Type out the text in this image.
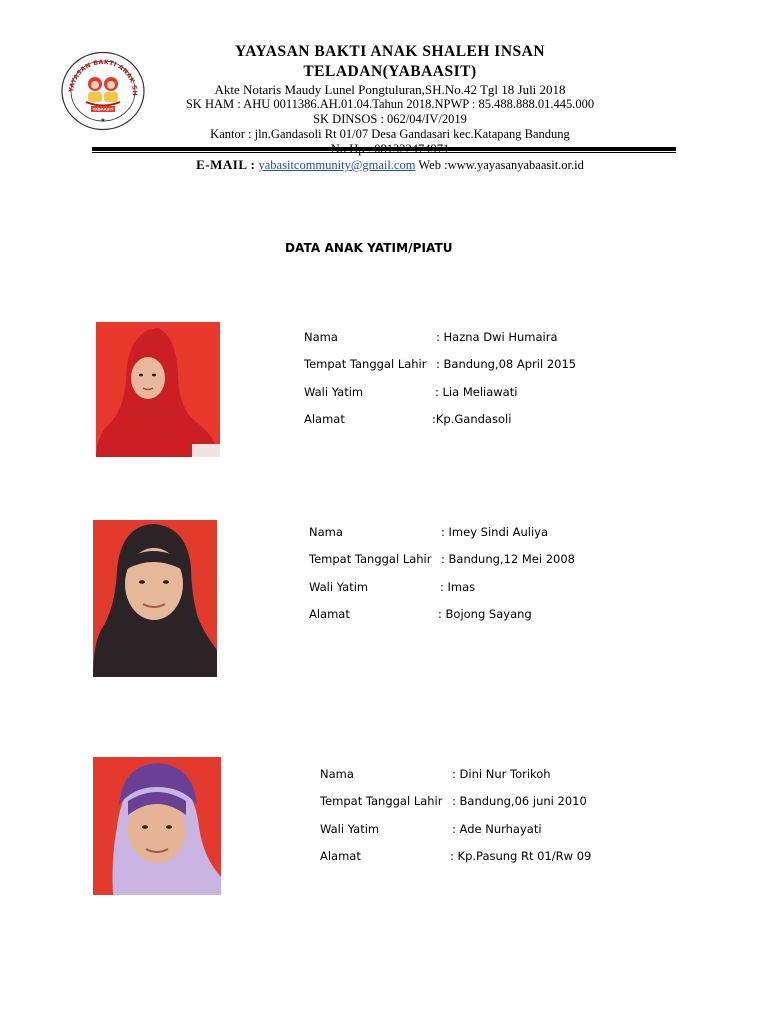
YAYASAN BAKTI ANAK SH
YABAASIT
★
YAYASAN BAKTI ANAK SHALEH INSAN TELADAN(YABAASIT)
Akte Notaris Maudy Lunel Pongtuluran,SH.No.42 Tgl 18 Juli 2018
SK HAM : AHU 0011386.AH.01.04.Tahun 2018.NPWP : 85.488.888.01.445.000
SK DINSOS : 062/04/IV/2019
Kantor : jln.Gandasoli Rt 01/07 Desa Gandasari kec.Katapang Bandung
E-MAIL : yabasitcommunity@gmail.com Web :www.yayasanyabaasit.or.id
DATA ANAK YATIM/PIATU
Nama	: Hazna Dwi Humaira
Tempat Tanggal Lahir : Bandung,08 April 2015
Wali Yatim	: Lia Meliawati
Alamat	:Kp.Gandasoli
Nama	: Imey Sindi Auliya
Tempat Tanggal Lahir : Bandung,12 Mei 2008
Wali Yatim	: Imas
Alamat	: Bojong Sayang
Nama	: Dini Nur Torikoh
Tempat Tanggal Lahir : Bandung,06 juni 2010
Wali Yatim	: Ade Nurhayati
Alamat	: Kp.Pasung Rt 01/Rw 09
